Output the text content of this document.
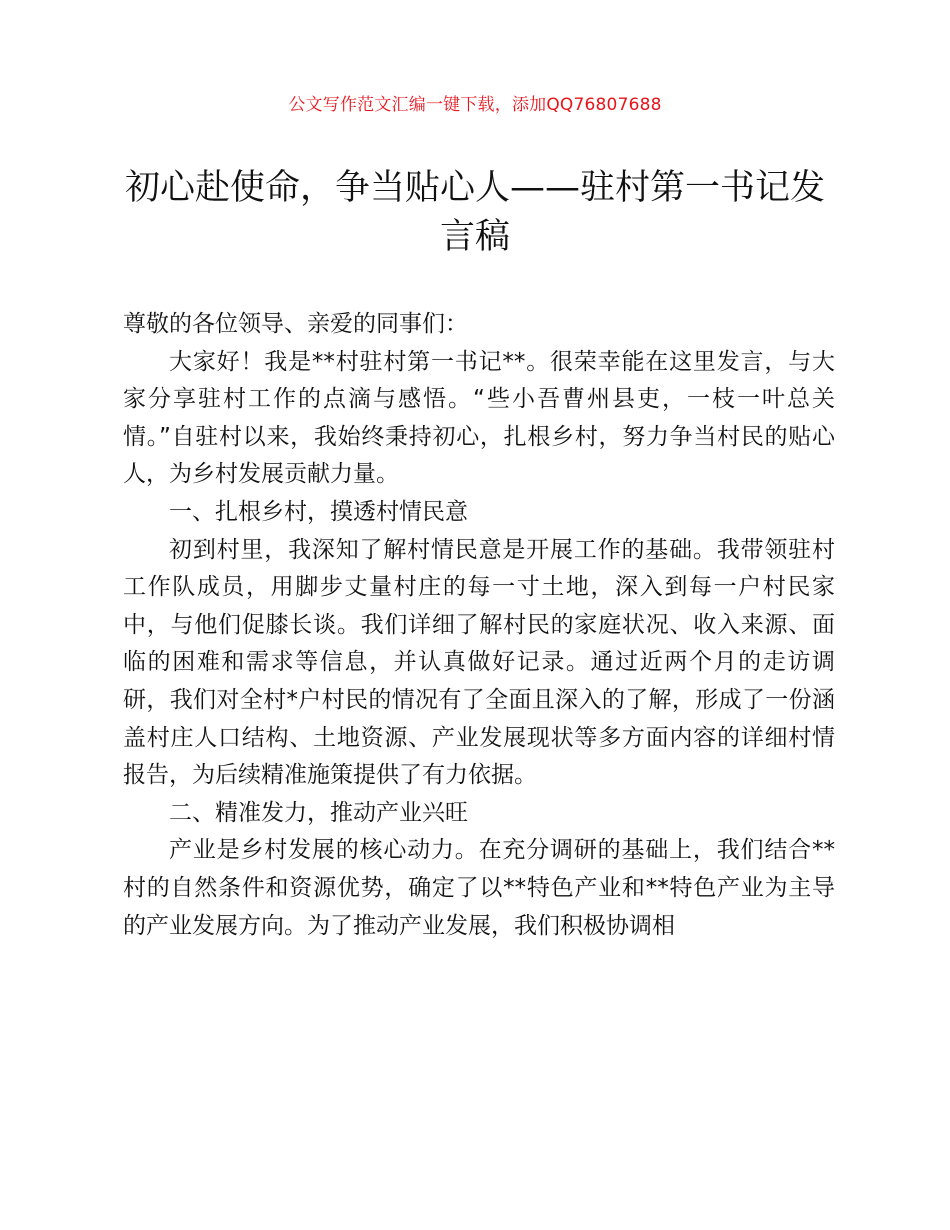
公文写作范文汇编一键下载，添加QQ76807688
初心赴使命，争当贴心人——驻村第一书记发言稿

尊敬的各位领导、亲爱的同事们：

大家好！我是**村驻村第一书记**。很荣幸能在这里发言，与大家分享驻村工作的点滴与感悟。“些小吾曹州县吏，一枝一叶总关情。”自驻村以来，我始终秉持初心，扎根乡村，努力争当村民的贴心人，为乡村发展贡献力量。

一、扎根乡村，摸透村情民意

初到村里，我深知了解村情民意是开展工作的基础。我带领驻村工作队成员，用脚步丈量村庄的每一寸土地，深入到每一户村民家中，与他们促膝长谈。我们详细了解村民的家庭状况、收入来源、面临的困难和需求等信息，并认真做好记录。通过近两个月的走访调研，我们对全村*户村民的情况有了全面且深入的了解，形成了一份涵盖村庄人口结构、土地资源、产业发展现状等多方面内容的详细村情报告，为后续精准施策提供了有力依据。

二、精准发力，推动产业兴旺

产业是乡村发展的核心动力。在充分调研的基础上，我们结合**村的自然条件和资源优势，确定了以**特色产业和**特色产业为主导的产业发展方向。为了推动产业发展，我们积极协调相
